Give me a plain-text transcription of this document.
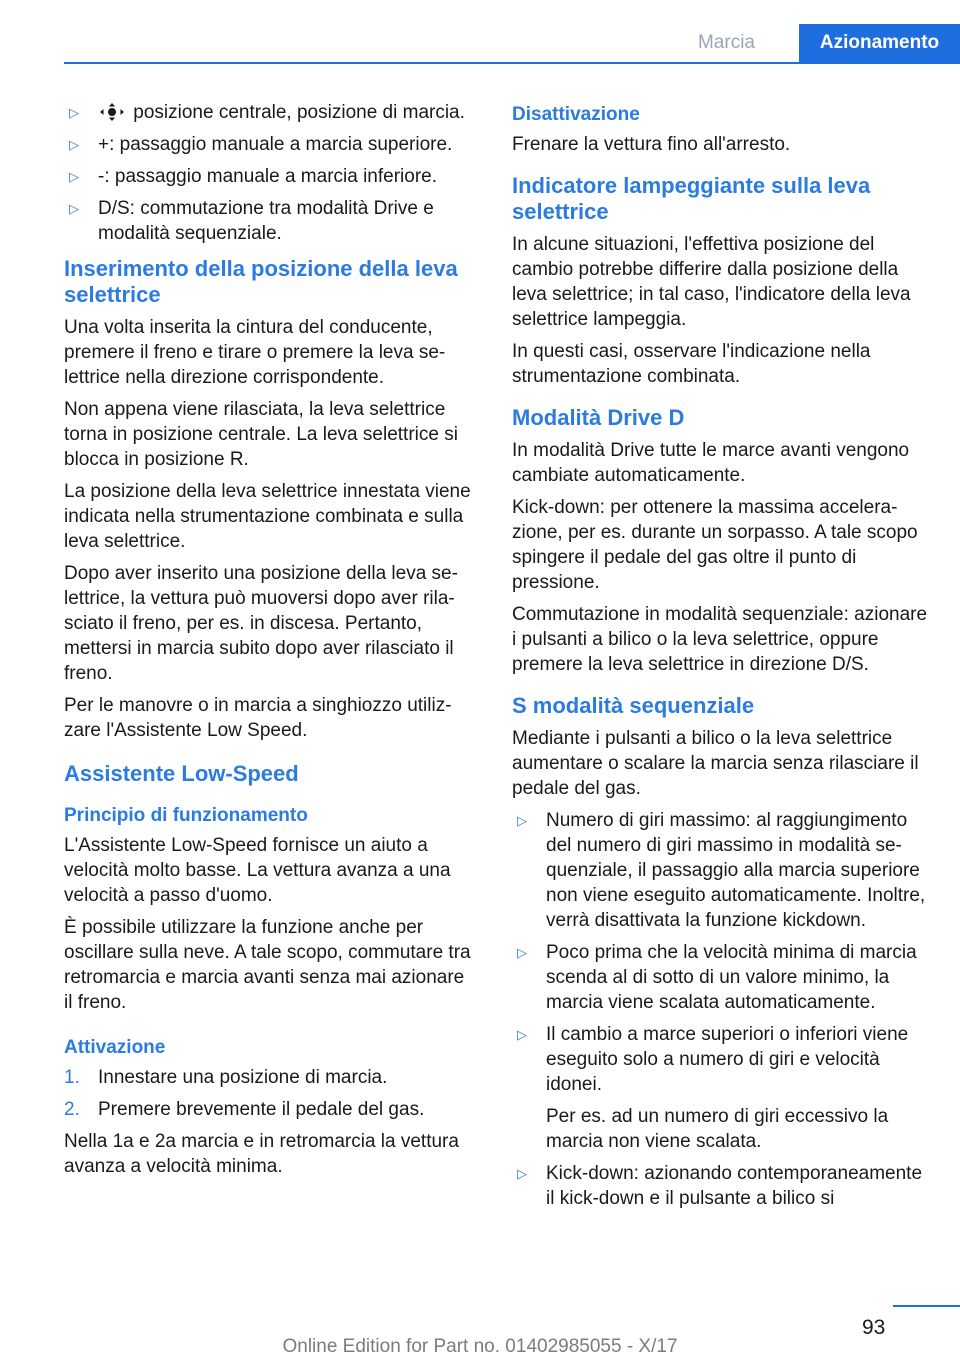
Marcia	Azionamento
▷	posizione centrale, posizione di marcia.
▷ +: passaggio manuale a marcia superiore.
▷ -: passaggio manuale a marcia inferiore.
▷ D/S: commutazione tra modalità Drive e modalità sequenziale.
Inserimento della posizione della leva selettrice

Una volta inserita la cintura del conducente, premere il freno e tirare o premere la leva selettrice nella direzione corrispondente.

Non appena viene rilasciata, la leva selettrice torna in posizione centrale. La leva selettrice si blocca in posizione R.

La posizione della leva selettrice innestata viene indicata nella strumentazione combinata e sulla leva selettrice.

Dopo aver inserito una posizione della leva selettrice, la vettura può muoversi dopo aver rilasciato il freno, per es. in discesa. Pertanto, mettersi in marcia subito dopo aver rilasciato il freno.

Per le manovre o in marcia a singhiozzo utilizzare l'Assistente Low Speed.

Assistente Low-Speed
Principio di funzionamento

L'Assistente Low-Speed fornisce un aiuto a velocità molto basse. La vettura avanza a una velocità a passo d'uomo.

È possibile utilizzare la funzione anche per oscillare sulla neve. A tale scopo, commutare tra retromarcia e marcia avanti senza mai azionare il freno.

Attivazione
1. Innestare una posizione di marcia.
2. Premere brevemente il pedale del gas.

Nella 1a e 2a marcia e in retromarcia la vettura avanza a velocità minima.

Disattivazione

Frenare la vettura fino all'arresto.

Indicatore lampeggiante sulla leva selettrice

In alcune situazioni, l'effettiva posizione del cambio potrebbe differire dalla posizione della leva selettrice; in tal caso, l'indicatore della leva selettrice lampeggia.

In questi casi, osservare l'indicazione nella strumentazione combinata.

Modalità Drive D

In modalità Drive tutte le marce avanti vengono cambiate automaticamente.

Kick-down: per ottenere la massima accelerazione, per es. durante un sorpasso. A tale scopo spingere il pedale del gas oltre il punto di pressione.

Commutazione in modalità sequenziale: azionare i pulsanti a bilico o la leva selettrice, oppure premere la leva selettrice in direzione D/S.

S modalità sequenziale

Mediante i pulsanti a bilico o la leva selettrice aumentare o scalare la marcia senza rilasciare il pedale del gas.

▷ Numero di giri massimo: al raggiungimento del numero di giri massimo in modalità sequenziale, il passaggio alla marcia superiore non viene eseguito automaticamente. Inoltre, verrà disattivata la funzione kickdown.
▷ Poco prima che la velocità minima di marcia scenda al di sotto di un valore minimo, la marcia viene scalata automaticamente.
▷ Il cambio a marce superiori o inferiori viene eseguito solo a numero di giri e velocità idonei.
Per es. ad un numero di giri eccessivo la marcia non viene scalata.
▷ Kick-down: azionando contemporaneamente il kick-down e il pulsante a bilico si
93
Online Edition for Part no. 01402985055 - X/17
